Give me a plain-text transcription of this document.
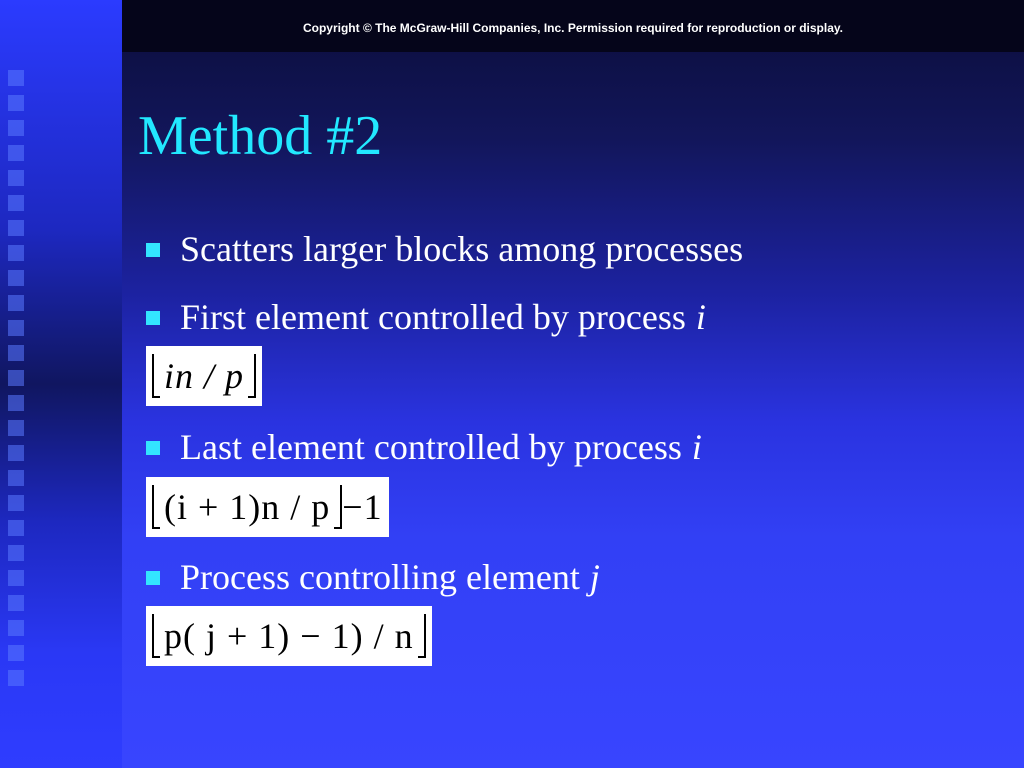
Copyright © The McGraw-Hill Companies, Inc. Permission required for reproduction or display.
Method #2
Scatters larger blocks among processes
First element controlled by process i
in / p
Last element controlled by process i
(i + 1)n / p −1
Process controlling element j
p( j + 1) − 1) / n
